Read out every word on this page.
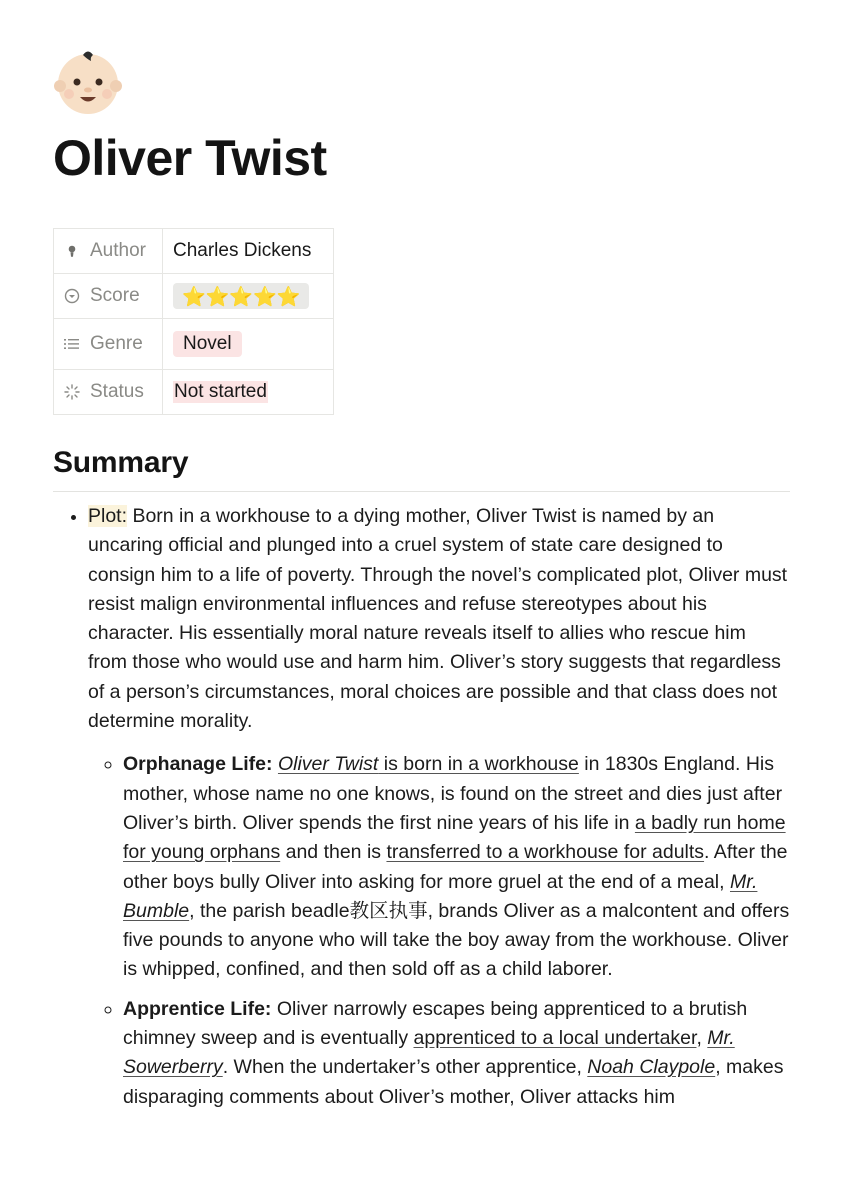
Oliver Twist
Author	Charles Dickens

Score	⭐⭐⭐⭐⭐

Genre	Novel

Status	Not started
Summary
• Plot: Born in a workhouse to a dying mother, Oliver Twist is named by an uncaring official and plunged into a cruel system of state care designed to consign him to a life of poverty. Through the novel’s complicated plot, Oliver must resist malign environmental influences and refuse stereotypes about his character. His essentially moral nature reveals itself to allies who rescue him from those who would use and harm him. Oliver’s story suggests that regardless of a person’s circumstances, moral choices are possible and that class does not determine morality.
◦ Orphanage Life: Oliver Twist is born in a workhouse in 1830s England. His mother, whose name no one knows, is found on the street and dies just after Oliver’s birth. Oliver spends the first nine years of his life in a badly run home for young orphans and then is transferred to a workhouse for adults. After the other boys bully Oliver into asking for more gruel at the end of a meal, Mr. Bumble, the parish beadle教区执事, brands Oliver as a malcontent and offers five pounds to anyone who will take the boy away from the workhouse. Oliver is whipped, confined, and then sold off as a child laborer.
◦ Apprentice Life: Oliver narrowly escapes being apprenticed to a brutish chimney sweep and is eventually apprenticed to a local undertaker, Mr. Sowerberry. When the undertaker’s other apprentice, Noah Claypole, makes disparaging comments about Oliver’s mother, Oliver attacks him
